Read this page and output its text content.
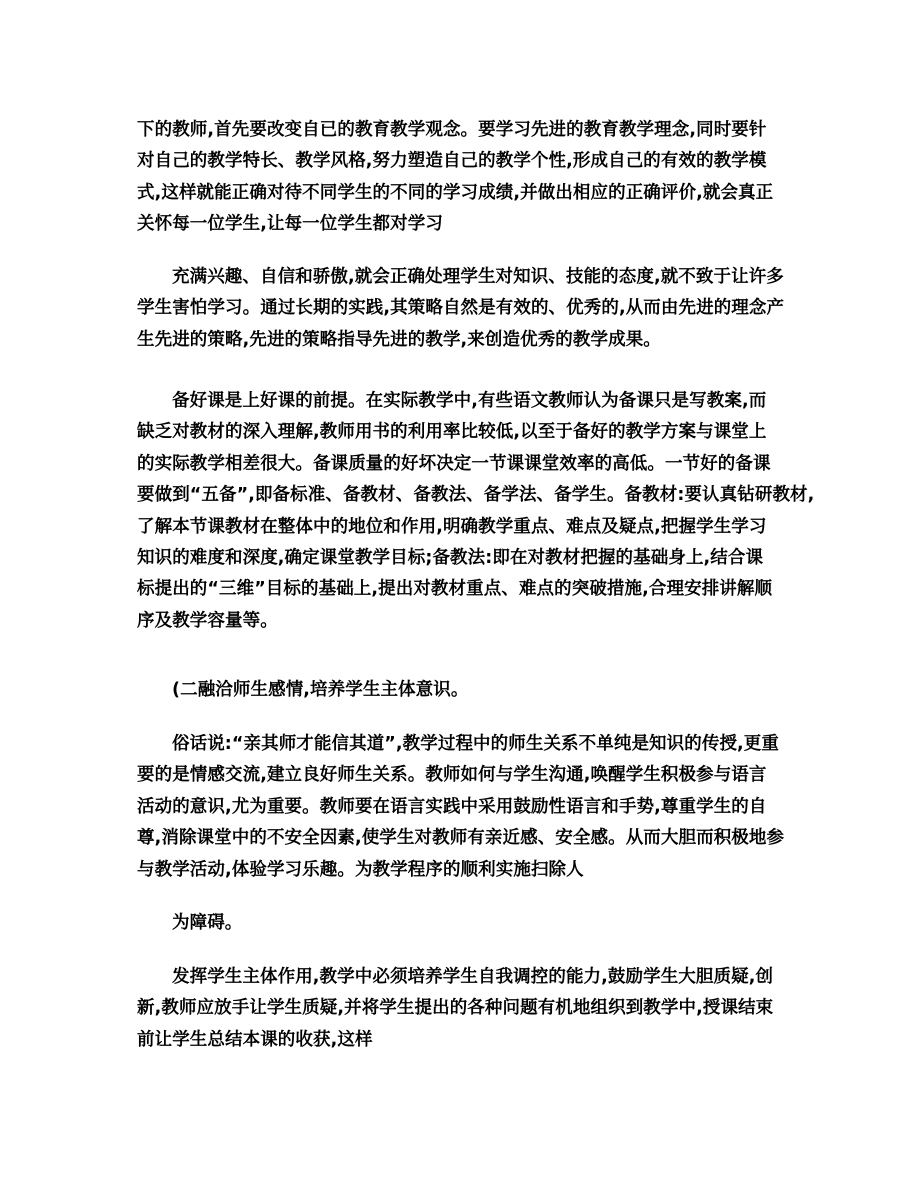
下的教师,首先要改变自已的教育教学观念。要学习先进的教育教学理念,同时要针
对自己的教学特长、教学风格,努力塑造自己的教学个性,形成自己的有效的教学模
式,这样就能正确对待不同学生的不同的学习成绩,并做出相应的正确评价,就会真正
关怀每一位学生,让每一位学生都对学习
充满兴趣、自信和骄傲,就会正确处理学生对知识、技能的态度,就不致于让许多
学生害怕学习。通过长期的实践,其策略自然是有效的、优秀的,从而由先进的理念产
生先进的策略,先进的策略指导先进的教学,来创造优秀的教学成果。
备好课是上好课的前提。在实际教学中,有些语文教师认为备课只是写教案,而
缺乏对教材的深入理解,教师用书的利用率比较低,以至于备好的教学方案与课堂上
的实际教学相差很大。备课质量的好坏决定一节课课堂效率的高低。一节好的备课
要做到“五备”,即备标准、备教材、备教法、备学法、备学生。备教材:要认真钻研教材,
了解本节课教材在整体中的地位和作用,明确教学重点、难点及疑点,把握学生学习
知识的难度和深度,确定课堂教学目标;备教法:即在对教材把握的基础身上,结合课
标提出的“三维”目标的基础上,提出对教材重点、难点的突破措施,合理安排讲解顺
序及教学容量等。
(二融洽师生感情,培养学生主体意识。
俗话说:“亲其师才能信其道”,教学过程中的师生关系不单纯是知识的传授,更重
要的是情感交流,建立良好师生关系。教师如何与学生沟通,唤醒学生积极参与语言
活动的意识,尤为重要。教师要在语言实践中采用鼓励性语言和手势,尊重学生的自
尊,消除课堂中的不安全因素,使学生对教师有亲近感、安全感。从而大胆而积极地参
与教学活动,体验学习乐趣。为教学程序的顺利实施扫除人
为障碍。
发挥学生主体作用,教学中必须培养学生自我调控的能力,鼓励学生大胆质疑,创
新,教师应放手让学生质疑,并将学生提出的各种问题有机地组织到教学中,授课结束
前让学生总结本课的收获,这样
